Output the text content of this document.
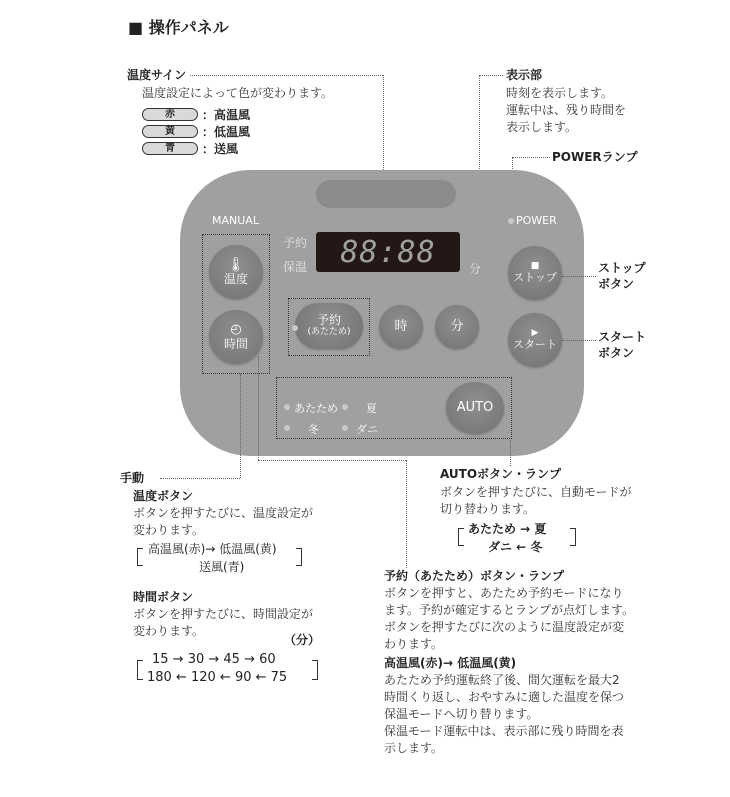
■ 操作パネル
温度サイン
温度設定によって色が変わります。
赤	：高温風
黄	：低温風
青	：送風
表示部
時刻を表示します。
運転中は、残り時間を
表示します。
POWERランプ
MANUAL	POWER
予約
保温 88:88	分
🌡
温度
◴
時間
予約
(あたため)	時	分
■
ストップ
▶
スタート
AUTO
あたため	夏
冬	ダニ
ストップ
ボタン
スタート
ボタン
手動
温度ボタン
ボタンを押すたびに、温度設定が
変わります。
高温風(赤)→ 低温風(黄)
送風(青)
時間ボタン
ボタンを押すたびに、時間設定が
変わります。
（分）
15 → 30 → 45 → 60
180 ← 120 ← 90 ← 75
AUTOボタン・ランプ
ボタンを押すたびに、自動モードが
切り替わります。
あたため → 夏
ダニ ← 冬
予約（あたため）ボタン・ランプ
ボタンを押すと、あたため予約モードになり
ます。予約が確定するとランプが点灯します。
ボタンを押すたびに次のように温度設定が変
わります。
高温風(赤)→ 低温風(黄)
あたため予約運転終了後、間欠運転を最大2
時間くり返し、おやすみに適した温度を保つ
保温モードへ切り替ります。
保温モード運転中は、表示部に残り時間を表
示します。
